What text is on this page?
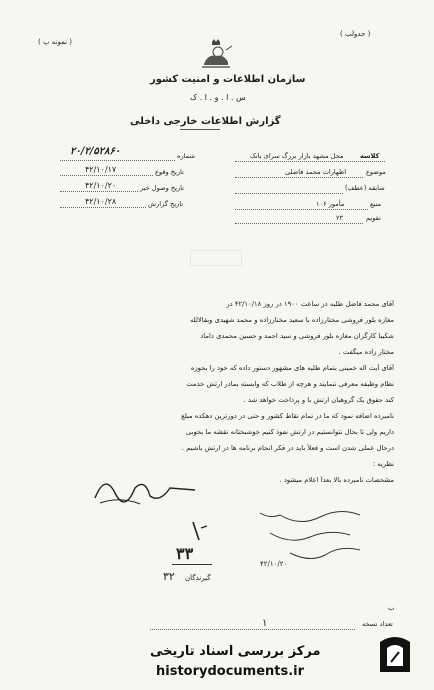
( نمونه پ )
( جدولب )
سازمان اطلاعات و امنیت کشور
س . ا . و . ا . ک
گزارش اطلاعات خارجی داخلی
شماره
۲۰/۲/۵۲۸۶۰
تاریخ وقوع
۴۲/۱۰/۱۷
تاریخ وصول خبر
۴۲/۱۰/۲۰
تاریخ گزارش
۴۲/۱۰/۲۸
کلاسه
محل مشهد بازار بزرگ سرای بانک
موضوع
اظهارات محمد فاضلی
سابقه (عطف)
منبع
مأمور ۱۰۶
تقویم
۲۳
آقای محمد فاضل طلبه در ساعت ۱۹۰۰ در روز ۴۲/۱۰/۱۸ در
مغازه بلور فروشی مختارزاده با سعید مختارزاده و محمد شهیدی وبقالالله
شکیبا کارگران مغازه بلور فروشی و سید احمد و حسین محمدی داماد
مختار زاده میگفت .
آقای آیت اله خمینی بتمام طلبه های مشهور دستور داده که خود را بحوزه
نظام وظیفه معرفی ننمایند و هرچه از طلاب که وابسته بمادر ارتش خدمت
کند حقوق یک گروهبان ارتش با و پرداخت خواهد شد .
نامبرده اضافه نمود که ما در تمام نقاط کشور و حتی در دورترین دهکده مبلغ
داریم ولی تا بحال نتوانستیم در ارتش نفوذ کنیم خوشبختانه نقشه ما بخوبی
درحال عملی شدن است و فعلاً باید در فکر انجام برنامه ها در ارتش باشیم .
نظریه :
مشخصات نامبرده بالا بعداً اعلام میشود .
۴۲/۱۰/۲۰
۳۳
گیرندگان
۳۲
ب
تعداد نسخه
۱
مرکز بررسی اسناد تاریخی
historydocuments.ir
